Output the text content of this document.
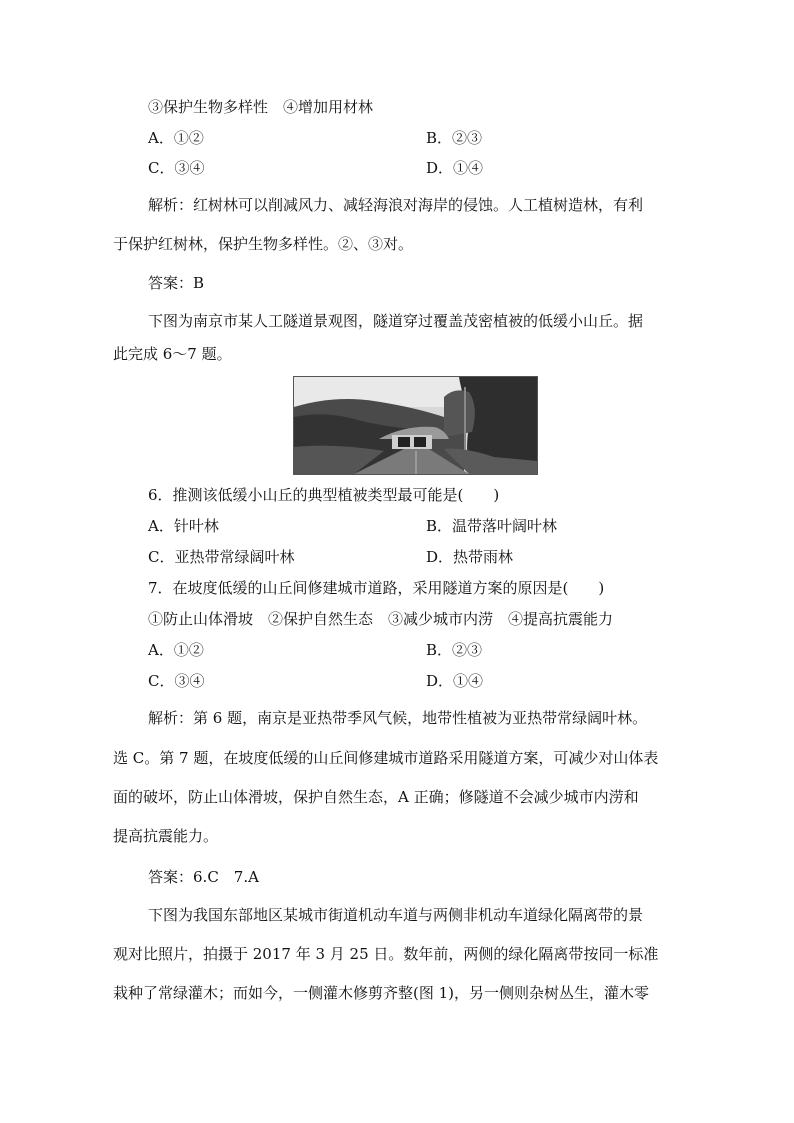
③保护生物多样性　④增加用材林
A．①②	B．②③
C．③④	D．①④
解析：红树林可以削减风力、减轻海浪对海岸的侵蚀。人工植树造林，有利
于保护红树林，保护生物多样性。②、③对。
答案：B
下图为南京市某人工隧道景观图，隧道穿过覆盖茂密植被的低缓小山丘。据
此完成 6～7 题。
6．推测该低缓小山丘的典型植被类型最可能是(　　)
A．针叶林	B．温带落叶阔叶林
C．亚热带常绿阔叶林	D．热带雨林
7．在坡度低缓的山丘间修建城市道路，采用隧道方案的原因是(　　)
①防止山体滑坡　②保护自然生态　③减少城市内涝　④提高抗震能力
A．①②	B．②③
C．③④	D．①④
解析：第 6 题，南京是亚热带季风气候，地带性植被为亚热带常绿阔叶林。
选 C。第 7 题，在坡度低缓的山丘间修建城市道路采用隧道方案，可减少对山体表
面的破坏，防止山体滑坡，保护自然生态，A 正确；修隧道不会减少城市内涝和
提高抗震能力。
答案：6.C　7.A
下图为我国东部地区某城市街道机动车道与两侧非机动车道绿化隔离带的景
观对比照片，拍摄于 2017 年 3 月 25 日。数年前，两侧的绿化隔离带按同一标准
栽种了常绿灌木；而如今，一侧灌木修剪齐整(图 1)，另一侧则杂树丛生，灌木零
